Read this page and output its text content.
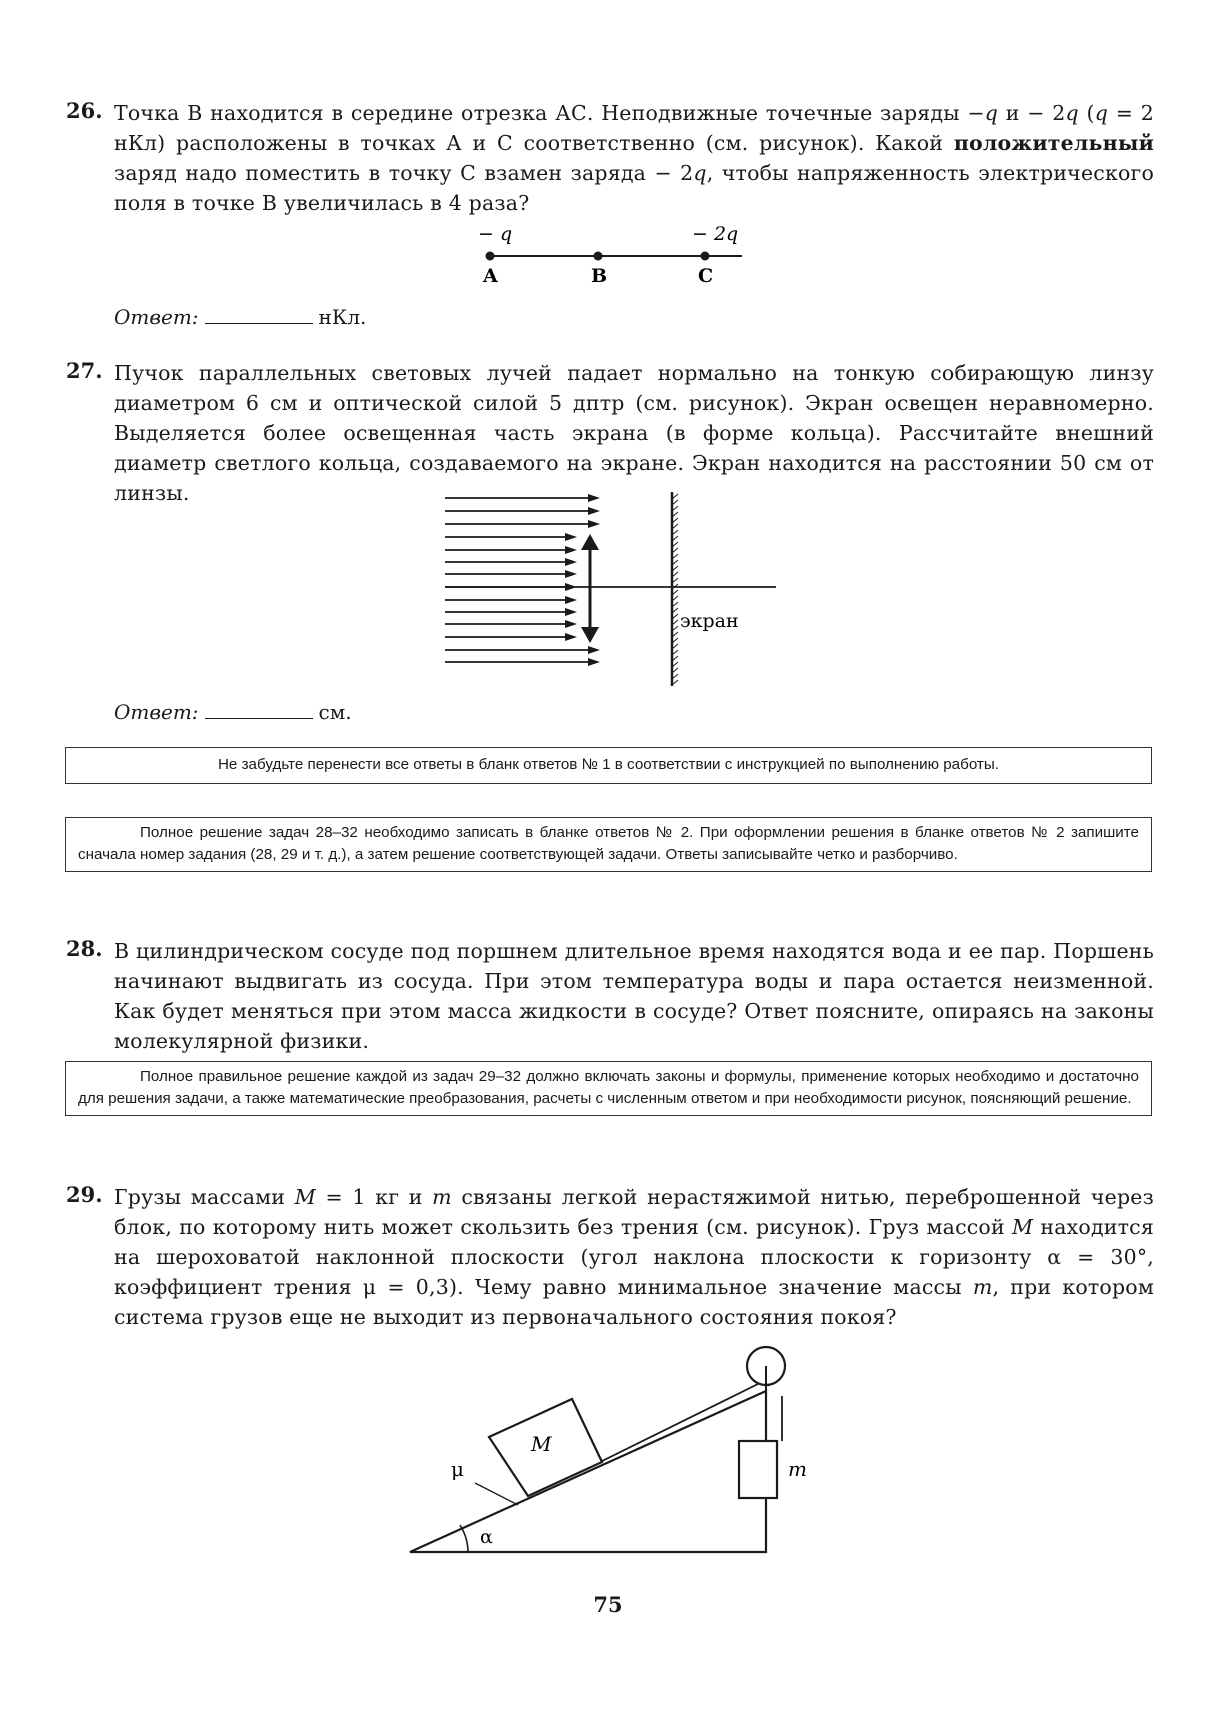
26. Точка В находится в середине отрезка АС. Неподвижные точечные заряды −q и − 2q (q = 2 нКл) расположены в точках А и С соответственно (см. рисунок). Какой положительный заряд надо поместить в точку С взамен заряда − 2q, чтобы напряженность электрического поля в точке В увеличилась в 4 раза?
− q	− 2q
A	B	C
Ответ:	нКл.
27. Пучок параллельных световых лучей падает нормально на тонкую собирающую линзу диаметром 6 см и оптической силой 5 дптр (см. рисунок). Экран освещен неравномерно. Выделяется более освещенная часть экрана (в форме кольца). Рассчитайте внешний диаметр светлого кольца, создаваемого на экране. Экран находится на расстоянии 50 см от линзы.
экран
Ответ:	см.
Не забудьте перенести все ответы в бланк ответов № 1 в соответствии с инструкцией по выполнению работы.

Полное решение задач 28–32 необходимо записать в бланке ответов № 2. При оформлении решения в бланке ответов № 2 запишите сначала номер задания (28, 29 и т. д.), а затем решение соответствующей задачи. Ответы записывайте четко и разборчиво.

28. В цилиндрическом сосуде под поршнем длительное время находятся вода и ее пар. Поршень начинают выдвигать из сосуда. При этом температура воды и пара остается неизменной. Как будет меняться при этом масса жидкости в сосуде? Ответ поясните, опираясь на законы молекулярной физики.

Полное правильное решение каждой из задач 29–32 должно включать законы и формулы, применение которых необходимо и достаточно для решения задачи, а также математические преобразования, расчеты с численным ответом и при необходимости рисунок, поясняющий решение.

29. Грузы массами M = 1 кг и m связаны легкой нерастяжимой нитью, переброшенной через блок, по которому нить может скользить без трения (см. рисунок). Груз массой M находится на шероховатой наклонной плоскости (угол наклона плоскости к горизонту α = 30°, коэффициент трения μ = 0,3). Чему равно минимальное значение массы m, при котором система грузов еще не выходит из первоначального состояния покоя?
M
m
μ
α
75
